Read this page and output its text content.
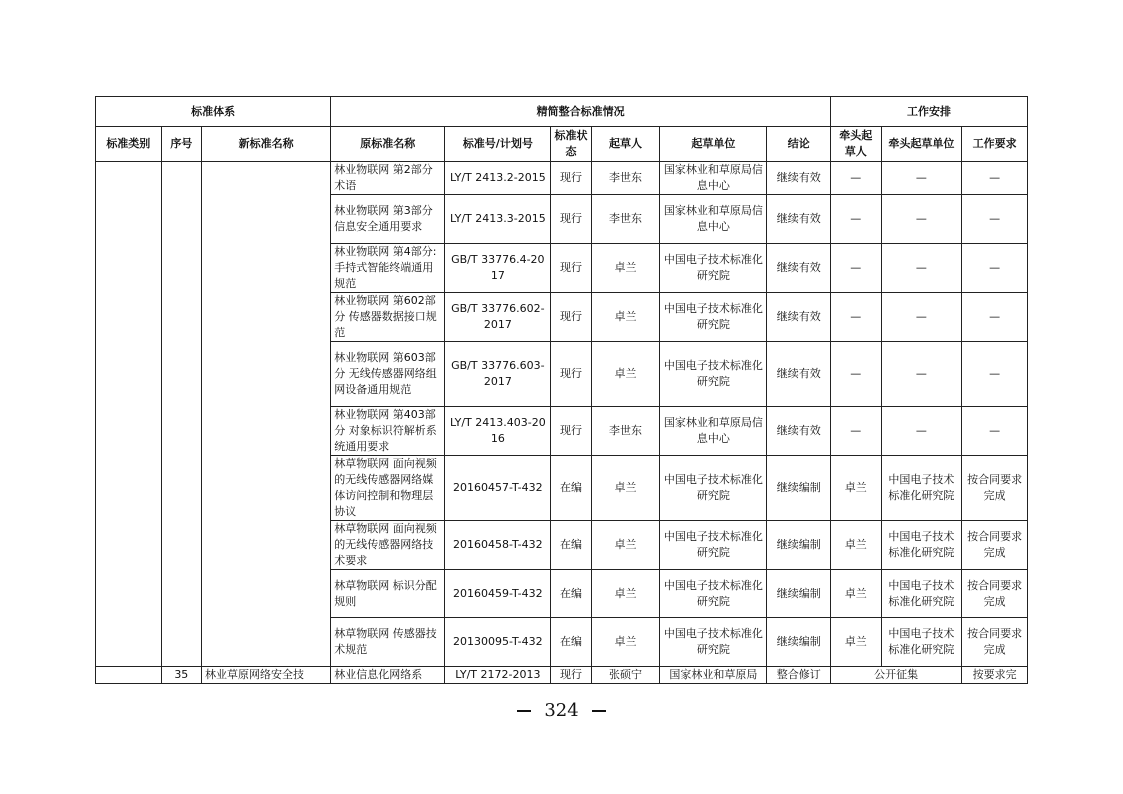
标准体系			精简整合标准情况						工作安排		
标准类别	序号	新标准名称	原标准名称	标准号/计划号	标准状态	起草人	起草单位	结论	牵头起草人	牵头起草单位	工作要求
			林业物联网 第2部分 术语	LY/T 2413.2-2015	现行	李世东	国家林业和草原局信息中心	继续有效	—	—	—
			林业物联网 第3部分 信息安全通用要求	LY/T 2413.3-2015	现行	李世东	国家林业和草原局信息中心	继续有效	—	—	—
			林业物联网 第4部分:手持式智能终端通用规范	GB/T 33776.4-2017	现行	卓兰	中国电子技术标准化研究院	继续有效	—	—	—
			林业物联网 第602部分 传感器数据接口规范	GB/T 33776.602-2017	现行	卓兰	中国电子技术标准化研究院	继续有效	—	—	—
			林业物联网 第603部分 无线传感器网络组网设备通用规范	GB/T 33776.603-2017	现行	卓兰	中国电子技术标准化研究院	继续有效	—	—	—
			林业物联网 第403部分 对象标识符解析系统通用要求	LY/T 2413.403-2016	现行	李世东	国家林业和草原局信息中心	继续有效	—	—	—
			林草物联网 面向视频的无线传感器网络媒体访问控制和物理层协议	20160457-T-432	在编	卓兰	中国电子技术标准化研究院	继续编制	卓兰	中国电子技术标准化研究院	按合同要求完成
			林草物联网 面向视频的无线传感器网络技术要求	20160458-T-432	在编	卓兰	中国电子技术标准化研究院	继续编制	卓兰	中国电子技术标准化研究院	按合同要求完成
			林草物联网 标识分配规则	20160459-T-432	在编	卓兰	中国电子技术标准化研究院	继续编制	卓兰	中国电子技术标准化研究院	按合同要求完成
			林草物联网 传感器技术规范	20130095-T-432	在编	卓兰	中国电子技术标准化研究院	继续编制	卓兰	中国电子技术标准化研究院	按合同要求完成
	35	林业草原网络安全技	林业信息化网络系	LY/T 2172-2013	现行	张硕宁	国家林业和草原局	整合修订	公开征集		按要求完
324
